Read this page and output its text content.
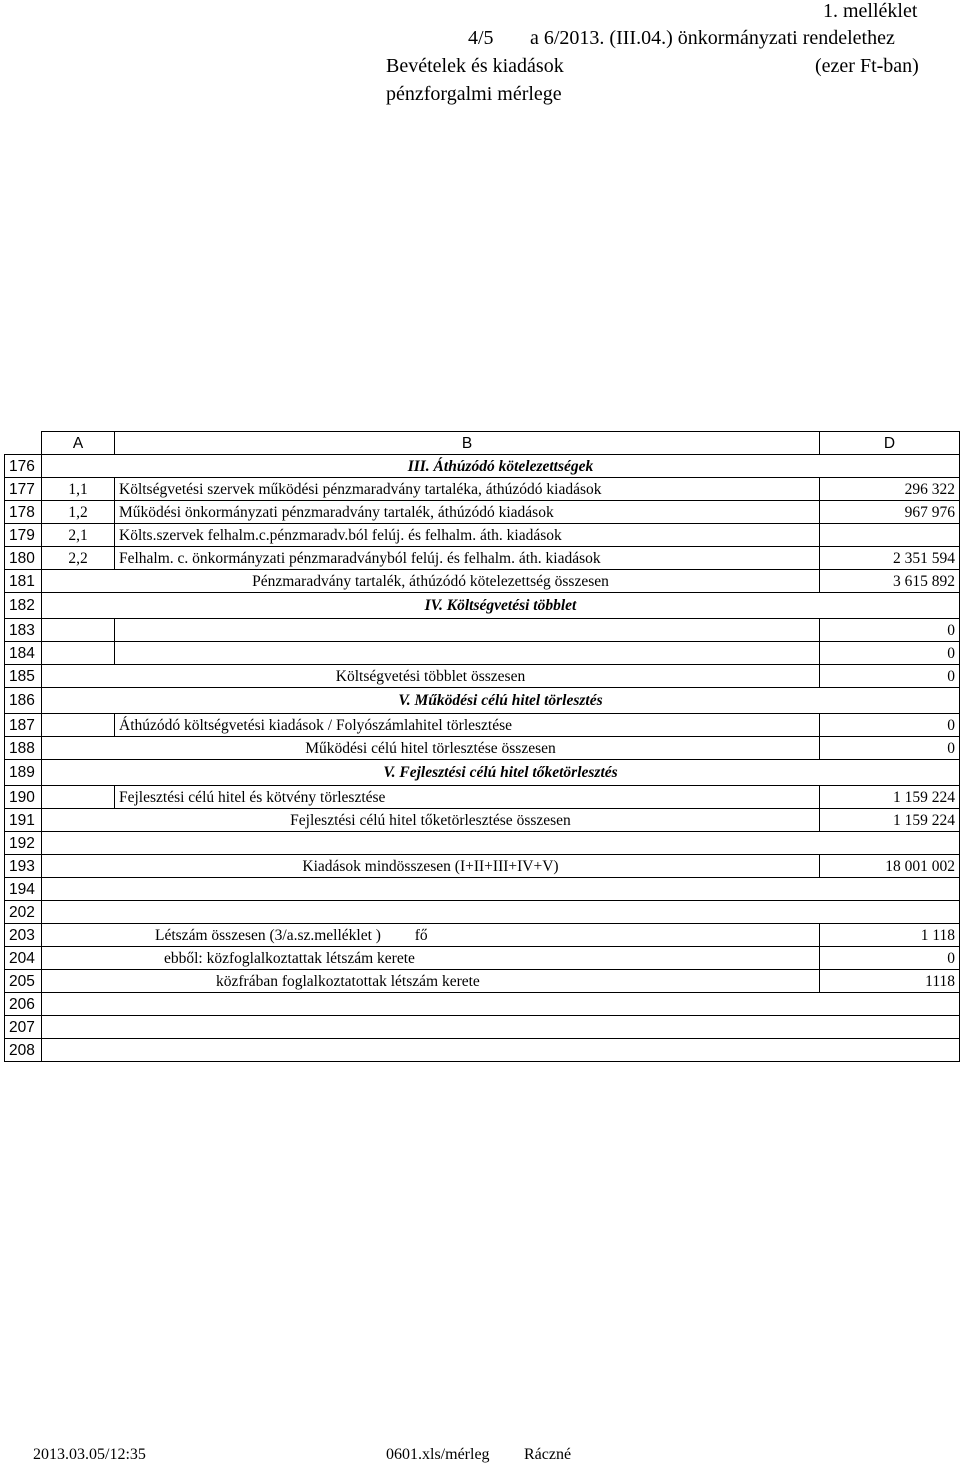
1. melléklet
4/5 a 6/2013. (III.04.) önkormányzati rendelethez
Bevételek és kiadások	(ezer Ft-ban)
pénzforgalmi mérlege
	A	B	D
176	III. Áthúzódó kötelezettségek		
177	1,1	Költségvetési szervek működési pénzmaradvány tartaléka, áthúzódó kiadások	296 322
178	1,2	Működési önkormányzati pénzmaradvány tartalék, áthúzódó kiadások	967 976
179	2,1	Költs.szervek felhalm.c.pénzmaradv.ból felúj. és felhalm. áth. kiadások	
180	2,2	Felhalm. c. önkormányzati pénzmaradványból felúj. és felhalm. áth. kiadások	2 351 594
181	Pénzmaradvány tartalék, áthúzódó kötelezettség összesen		3 615 892
182	IV. Költségvetési többlet		
183			0
184			0
185	Költségvetési többlet összesen		0
186	V. Működési célú hitel törlesztés		
187		Áthúzódó költségvetési kiadások / Folyószámlahitel törlesztése	0
188	Működési célú hitel törlesztése összesen		0
189	V. Fejlesztési célú hitel tőketörlesztés		
190		Fejlesztési célú hitel és kötvény törlesztése	1 159 224
191	Fejlesztési célú hitel tőketörlesztése összesen		1 159 224
192			
193	Kiadások mindösszesen (I+II+III+IV+V)		18 001 002
194			
202			
203	Létszám összesen (3/a.sz.melléklet ) fő		1 118
204	ebből: közfoglalkoztattak létszám kerete		0
205	közfrában foglalkoztatottak létszám kerete		1118
206			
207			
208			
2013.03.05/12:35	0601.xls/mérleg Ráczné
